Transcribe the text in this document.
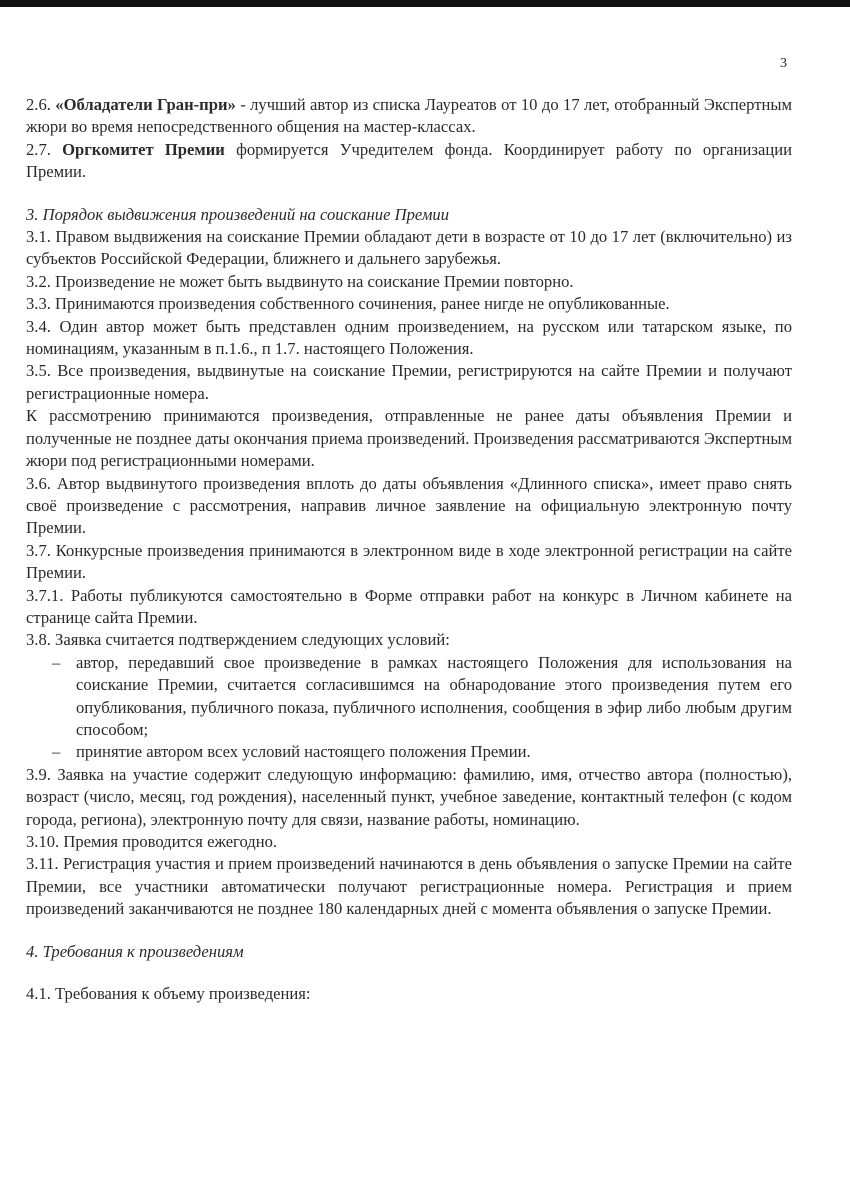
3

2.6. «Обладатели Гран-при» - лучший автор из списка Лауреатов от 10 до 17 лет, отобранный Экспертным жюри во время непосредственного общения на мастер-классах.

2.7. Оргкомитет Премии формируется Учредителем фонда. Координирует работу по организации Премии.

3. Порядок выдвижения произведений на соискание Премии

3.1. Правом выдвижения на соискание Премии обладают дети в возрасте от 10 до 17 лет (включительно) из субъектов Российской Федерации, ближнего и дальнего зарубежья.

3.2. Произведение не может быть выдвинуто на соискание Премии повторно.

3.3. Принимаются произведения собственного сочинения, ранее нигде не опубликованные.

3.4. Один автор может быть представлен одним произведением, на русском или татарском языке, по номинациям, указанным в п.1.6., п 1.7. настоящего Положения.

3.5. Все произведения, выдвинутые на соискание Премии, регистрируются на сайте Премии и получают регистрационные номера.

К рассмотрению принимаются произведения, отправленные не ранее даты объявления Премии и полученные не позднее даты окончания приема произведений. Произведения рассматриваются Экспертным жюри под регистрационными номерами.

3.6. Автор выдвинутого произведения вплоть до даты объявления «Длинного списка», имеет право снять своё произведение с рассмотрения, направив личное заявление на официальную электронную почту Премии.

3.7. Конкурсные произведения принимаются в электронном виде в ходе электронной регистрации на сайте Премии.

3.7.1. Работы публикуются самостоятельно в Форме отправки работ на конкурс в Личном кабинете на странице сайта Премии.

3.8. Заявка считается подтверждением следующих условий:

– автор, передавший свое произведение в рамках настоящего Положения для использования на соискание Премии, считается согласившимся на обнародование этого произведения путем его опубликования, публичного показа, публичного исполнения, сообщения в эфир либо любым другим способом;
– принятие автором всех условий настоящего положения Премии.

3.9. Заявка на участие содержит следующую информацию: фамилию, имя, отчество автора (полностью), возраст (число, месяц, год рождения), населенный пункт, учебное заведение, контактный телефон (с кодом города, региона), электронную почту для связи, название работы, номинацию.

3.10. Премия проводится ежегодно.

3.11. Регистрация участия и прием произведений начинаются в день объявления о запуске Премии на сайте Премии, все участники автоматически получают регистрационные номера. Регистрация и прием произведений заканчиваются не позднее 180 календарных дней с момента объявления о запуске Премии.

4. Требования к произведениям

4.1. Требования к объему произведения:
